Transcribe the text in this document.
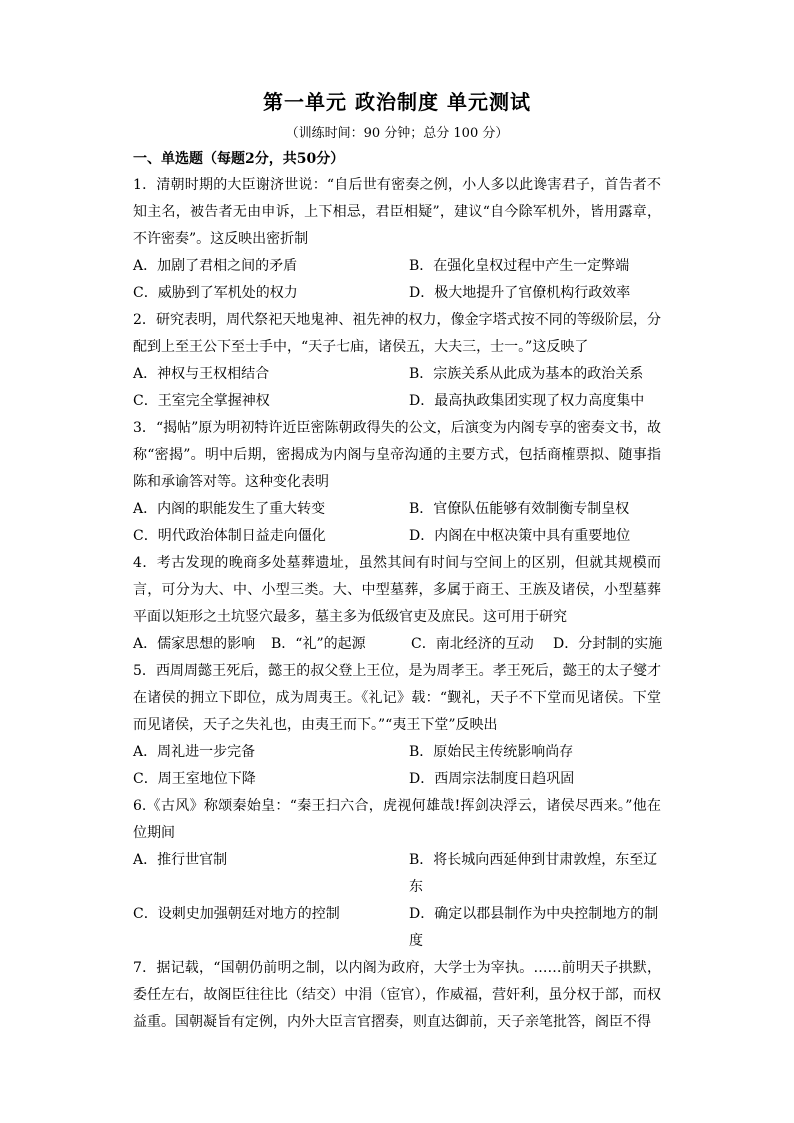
第一单元 政治制度 单元测试
（训练时间：90 分钟；总分 100 分）
一、单选题（每题2分，共50分）

1．清朝时期的大臣谢济世说：“自后世有密奏之例，小人多以此谗害君子，首告者不知主名，被告者无由申诉，上下相忌，君臣相疑”，建议“自今除军机外，皆用露章，不许密奏”。这反映出密折制

A．加剧了君相之间的矛盾	B．在强化皇权过程中产生一定弊端
C．威胁到了军机处的权力	D．极大地提升了官僚机构行政效率

2．研究表明，周代祭祀天地鬼神、祖先神的权力，像金字塔式按不同的等级阶层，分配到上至王公下至士手中，“天子七庙，诸侯五，大夫三，士一。”这反映了

A．神权与王权相结合	B．宗族关系从此成为基本的政治关系
C．王室完全掌握神权	D．最高执政集团实现了权力高度集中

3．“揭帖”原为明初特许近臣密陈朝政得失的公文，后演变为内阁专享的密奏文书，故称“密揭”。明中后期，密揭成为内阁与皇帝沟通的主要方式，包括商榷票拟、随事指陈和承谕答对等。这种变化表明

A．内阁的职能发生了重大转变	B．官僚队伍能够有效制衡专制皇权
C．明代政治体制日益走向僵化	D．内阁在中枢决策中具有重要地位

4．考古发现的晚商多处墓葬遗址，虽然其间有时间与空间上的区别，但就其规模而言，可分为大、中、小型三类。大、中型墓葬，多属于商王、王族及诸侯，小型墓葬平面以矩形之土坑竖穴最多，墓主多为低级官吏及庶民。这可用于研究

A．儒家思想的影响	B．“礼”的起源	C．南北经济的互动	D．分封制的实施

5．西周周懿王死后，懿王的叔父登上王位，是为周孝王。孝王死后，懿王的太子燮才在诸侯的拥立下即位，成为周夷王。《礼记》载：“觐礼，天子不下堂而见诸侯。下堂而见诸侯，天子之失礼也，由夷王而下。”“夷王下堂”反映出

A．周礼进一步完备	B．原始民主传统影响尚存
C．周王室地位下降	D．西周宗法制度日趋巩固

6.《古风》称颂秦始皇：“秦王扫六合，虎视何雄哉!挥剑决浮云，诸侯尽西来。”他在位期间

A．推行世官制	B．将长城向西延伸到甘肃敦煌，东至辽东
C．设刺史加强朝廷对地方的控制	D．确定以郡县制作为中央控制地方的制度

7．据记载，“国朝仍前明之制，以内阁为政府，大学士为宰执。……前明天子拱默，委任左右，故阁臣往往比（结交）中涓（宦官），作威福，营奸利，虽分权于部，而权益重。国朝凝旨有定例，内外大臣言官摺奏，则直达御前，天子亲笔批答，阁臣不得
